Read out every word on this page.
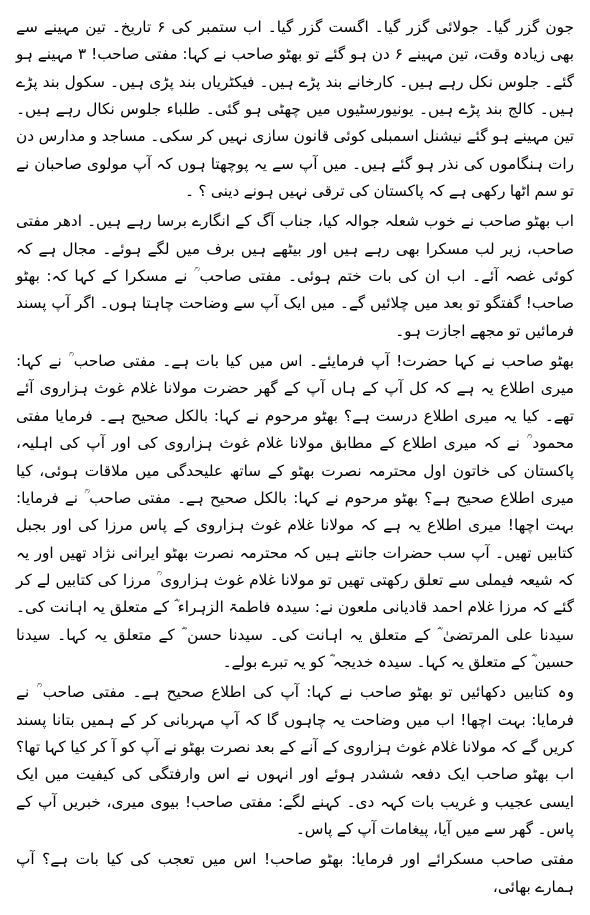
جون گزر گیا۔ جولائی گزر گیا۔ اگست گزر گیا۔ اب ستمبر کی ۶ تاریخ۔ تین مہینے سے بھی زیادہ وقت، تین مہینے ۶ دن ہو گئے تو بھٹو صاحب نے کہا: مفتی صاحب! ۳ مہینے ہو گئے۔ جلوس نکل رہے ہیں۔ کارخانے بند پڑے ہیں۔ فیکٹریاں بند پڑی ہیں۔ سکول بند پڑے ہیں۔ کالج بند پڑے ہیں۔ یونیورسٹیوں میں چھٹی ہو گئی۔ طلباء جلوس نکال رہے ہیں۔ تین مہینے ہو گئے نیشنل اسمبلی کوئی قانون سازی نہیں کر سکی۔ مساجد و مدارس دن رات ہنگاموں کی نذر ہو گئے ہیں۔ میں آپ سے یہ پوچھتا ہوں کہ آپ مولوی صاحبان نے تو سم اٹھا رکھی ہے کہ پاکستان کی ترقی نہیں ہونے دینی ؟ ۔

اب بھٹو صاحب نے خوب شعلہ جوالہ کیا، جناب آگ کے انگارے برسا رہے ہیں۔ ادھر مفتی صاحب، زیر لب مسکرا بھی رہے ہیں اور بیٹھے ہیں برف میں لگے ہوئے۔ مجال ہے کہ کوئی غصہ آئے۔ اب ان کی بات ختم ہوئی۔ مفتی صاحب ؒ نے مسکرا کے کہا کہ: بھٹو صاحب! گفتگو تو بعد میں چلائیں گے۔ میں ایک آپ سے وضاحت چاہتا ہوں۔ اگر آپ پسند فرمائیں تو مجھے اجازت ہو۔

بھٹو صاحب نے کہا حضرت! آپ فرمایئے۔ اس میں کیا بات ہے۔ مفتی صاحب ؒ نے کہا: میری اطلاع یہ ہے کہ کل آپ کے ہاں آپ کے گھر حضرت مولانا غلام غوث ہزاروی آئے تھے۔ کیا یہ میری اطلاع درست ہے؟ بھٹو مرحوم نے کہا: بالکل صحیح ہے۔ فرمایا مفتی محمود ؒ نے کہ میری اطلاع کے مطابق مولانا غلام غوث ہزاروی کی اور آپ کی اہلیہ، پاکستان کی خاتون اول محترمہ نصرت بھٹو کے ساتھ علیحدگی میں ملاقات ہوئی، کیا میری اطلاع صحیح ہے؟ بھٹو مرحوم نے کہا: بالکل صحیح ہے۔ مفتی صاحب ؒ نے فرمایا: بہت اچھا! میری اطلاع یہ ہے کہ مولانا غلام غوث ہزاروی کے پاس مرزا کی اور بجبل کتابیں تھیں۔ آپ سب حضرات جانتے ہیں کہ محترمہ نصرت بھٹو ایرانی نژاد تھیں اور یہ کہ شیعہ فیملی سے تعلق رکھتی تھیں تو مولانا غلام غوث ہزاروی ؒ مرزا کی کتابیں لے کر گئے کہ مرزا غلام احمد قادیانی ملعون نے: سیدہ فاطمۃ الزہراء ؓ کے متعلق یہ اہانت کی۔ سیدنا علی المرتضیٰ ؓ کے متعلق یہ اہانت کی۔ سیدنا حسن ؓ کے متعلق یہ کہا۔ سیدنا حسین ؓ کے متعلق یہ کہا۔ سیدہ خدیجہ ؓ کو یہ تبرے بولے۔

وہ کتابیں دکھائیں تو بھٹو صاحب نے کہا: آپ کی اطلاع صحیح ہے۔ مفتی صاحب ؒ نے فرمایا: بہت اچھا! اب میں وضاحت یہ چاہوں گا کہ آپ مہربانی کر کے ہمیں بتانا پسند کریں گے کہ مولانا غلام غوث ہزاروی کے آنے کے بعد نصرت بھٹو نے آپ کو آ کر کیا کہا تھا؟ اب بھٹو صاحب ایک دفعہ ششدر ہوئے اور انہوں نے اس وارفتگی کی کیفیت میں ایک ایسی عجیب و غریب بات کہہ دی۔ کہنے لگے: مفتی صاحب! بیوی میری، خبریں آپ کے پاس۔ گھر سے میں آیا، پیغامات آپ کے پاس۔

مفتی صاحب مسکرائے اور فرمایا: بھٹو صاحب! اس میں تعجب کی کیا بات ہے؟ آپ ہمارے بھائی،
